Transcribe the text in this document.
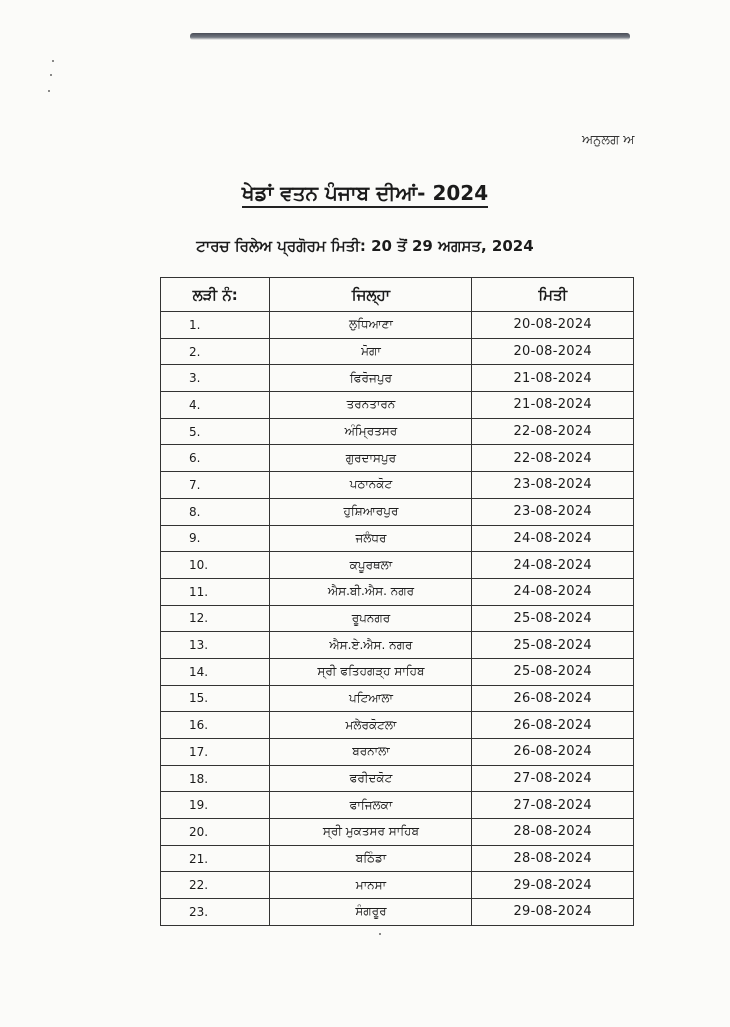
ਅਨੁਲਗ ਅ
ਖੇਡਾਂ ਵਤਨ ਪੰਜਾਬ ਦੀਆਂ- 2024
ਟਾਰਚ ਰਿਲੇਅ ਪ੍ਰਗੋਰਮ ਮਿਤੀ: 20 ਤੋਂ 29 ਅਗਸਤ, 2024
ਲੜੀ ਨੰ:	ਜਿਲ੍ਹਾ	ਮਿਤੀ
1.	ਲੁਧਿਆਣਾ	20-08-2024
2.	ਮੋਗਾ	20-08-2024
3.	ਫਿਰੋਜਪੁਰ	21-08-2024
4.	ਤਰਨਤਾਰਨ	21-08-2024
5.	ਅੰਮ੍ਰਿਤਸਰ	22-08-2024
6.	ਗੁਰਦਾਸਪੁਰ	22-08-2024
7.	ਪਠਾਨਕੋਟ	23-08-2024
8.	ਹੁਸ਼ਿਆਰਪੁਰ	23-08-2024
9.	ਜਲੰਧਰ	24-08-2024
10.	ਕਪੂਰਥਲਾ	24-08-2024
11.	ਐਸ.ਬੀ.ਐਸ. ਨਗਰ	24-08-2024
12.	ਰੂਪਨਗਰ	25-08-2024
13.	ਐਸ.ਏ.ਐਸ. ਨਗਰ	25-08-2024
14.	ਸ੍ਰੀ ਫਤਿਹਗੜ੍ਹ ਸਾਹਿਬ	25-08-2024
15.	ਪਟਿਆਲਾ	26-08-2024
16.	ਮਲੇਰਕੋਟਲਾ	26-08-2024
17.	ਬਰਨਾਲਾ	26-08-2024
18.	ਫਰੀਦਕੋਟ	27-08-2024
19.	ਫਾਜਿਲਕਾ	27-08-2024
20.	ਸ੍ਰੀ ਮੁਕਤਸਰ ਸਾਹਿਬ	28-08-2024
21.	ਬਠਿੰਡਾ	28-08-2024
22.	ਮਾਨਸਾ	29-08-2024
23.	ਸੰਗਰੂਰ	29-08-2024
